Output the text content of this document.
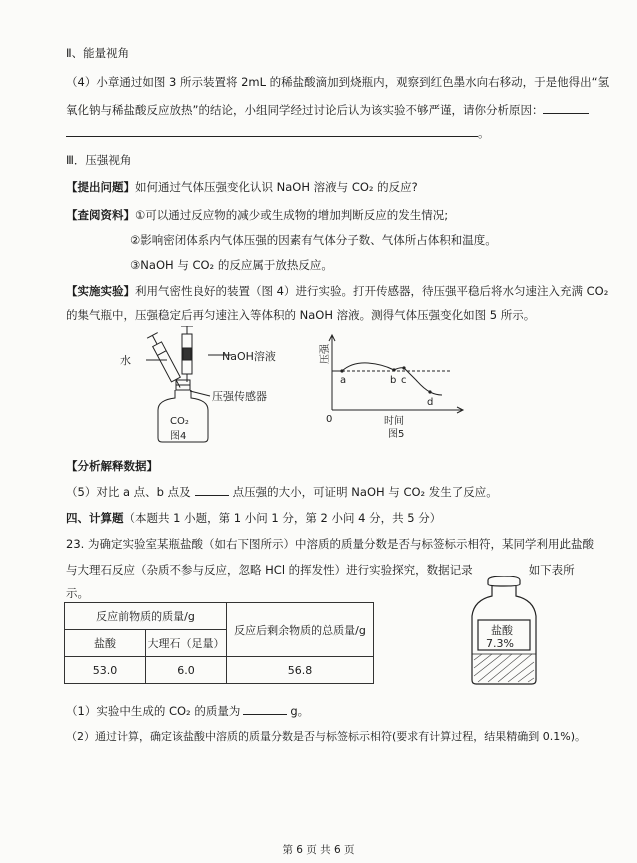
Ⅱ、能量视角
（4）小章通过如图 3 所示装置将 2mL 的稀盐酸滴加到烧瓶内，观察到红色墨水向右移动，于是他得出“氢
氧化钠与稀盐酸反应放热”的结论，小组同学经过讨论后认为该实验不够严谨，请你分析原因：
。
Ⅲ．压强视角
【提出问题】如何通过气体压强变化认识 NaOH 溶液与 CO₂ 的反应?
【查阅资料】①可以通过反应物的减少或生成物的增加判断反应的发生情况;
②影响密闭体系内气体压强的因素有气体分子数、气体所占体积和温度。
③NaOH 与 CO₂ 的反应属于放热反应。
【实施实验】利用气密性良好的装置（图 4）进行实验。打开传感器，待压强平稳后将水匀速注入充满 CO₂
的集气瓶中，压强稳定后再匀速注入等体积的 NaOH 溶液。测得气体压强变化如图 5 所示。
水	NaOH溶液
压强传感器
CO₂
图4
压强
a	b c
d
0	时间
图5
【分析解释数据】
（5）对比 a 点、b 点及	点压强的大小，可证明 NaOH 与 CO₂ 发生了反应。
四、计算题（本题共 1 小题，第 1 小问 1 分，第 2 小问 4 分，共 5 分）
23. 为确定实验室某瓶盐酸（如右下图所示）中溶质的质量分数是否与标签标示相符，某同学利用此盐酸
与大理石反应（杂质不参与反应，忽略 HCl 的挥发性）进行实验探究，数据记录	如下表所
示。
反应前物质的质量/g		反应后剩余物质的总质量/g
盐酸	大理石（足量）	
53.0	6.0	56.8
盐酸
7.3%
（1）实验中生成的 CO₂ 的质量为	g。
（2）通过计算，确定该盐酸中溶质的质量分数是否与标签标示相符(要求有计算过程，结果精确到 0.1%)。
第 6 页 共 6 页
